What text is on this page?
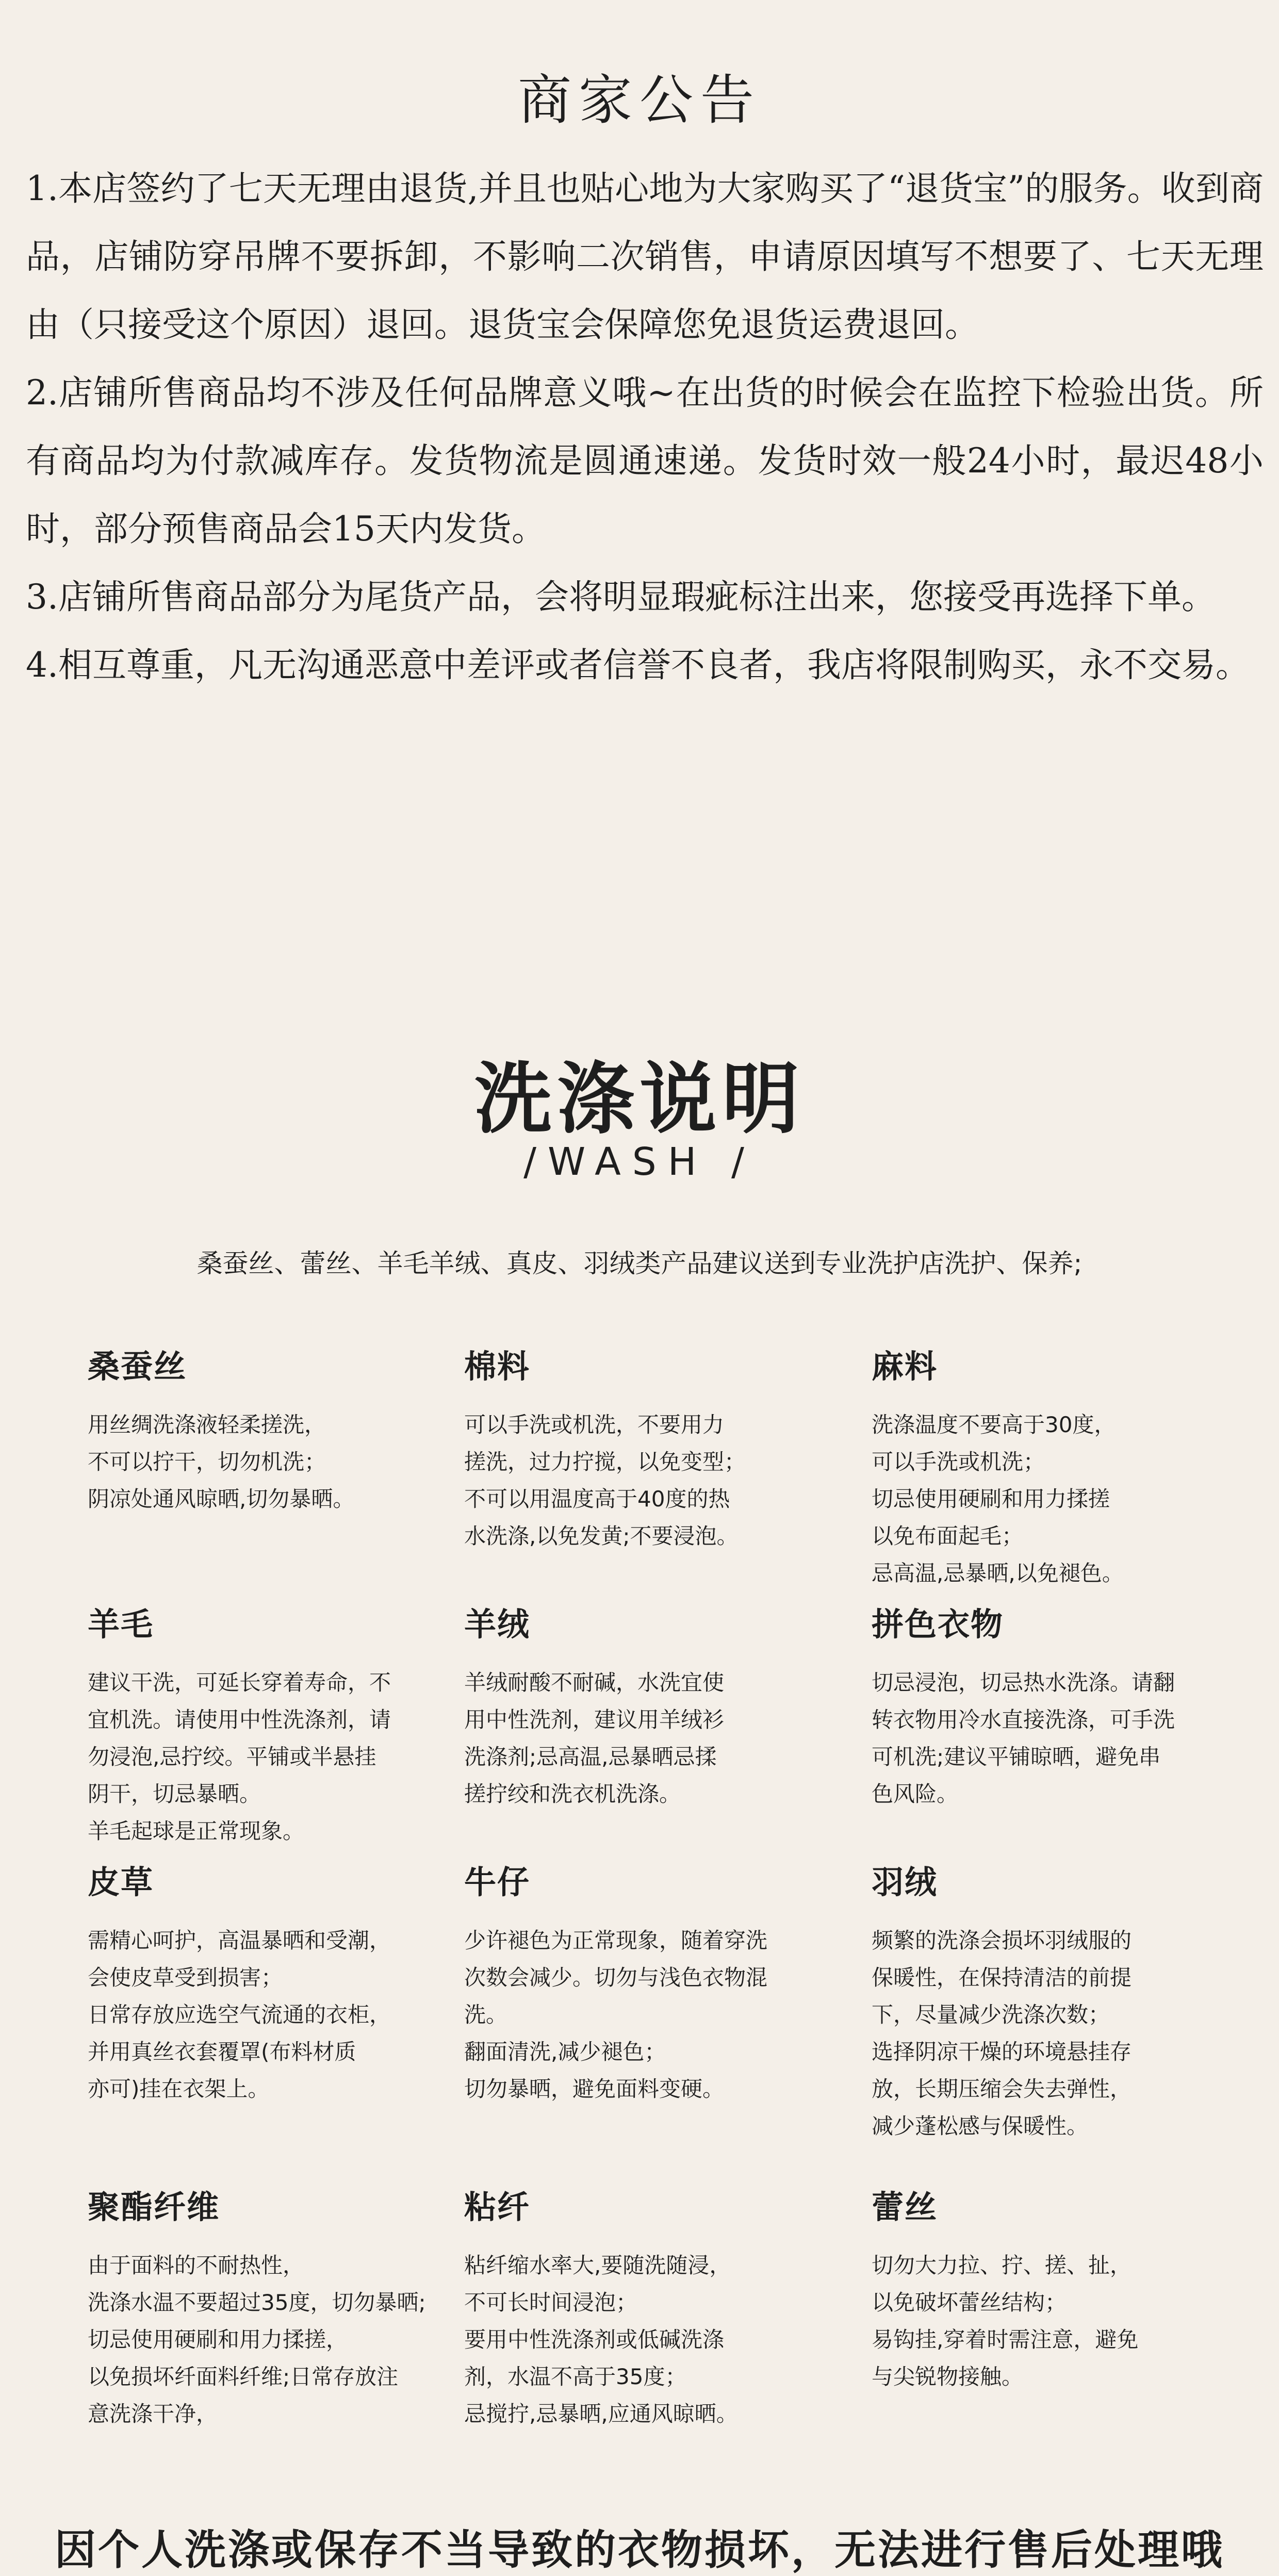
商家公告

1.本店签约了七天无理由退货,并且也贴心地为大家购买了“退货宝”的服务。收到商品，店铺防穿吊牌不要拆卸，不影响二次销售，申请原因填写不想要了、七天无理由（只接受这个原因）退回。退货宝会保障您免退货运费退回。

2.店铺所售商品均不涉及任何品牌意义哦~在出货的时候会在监控下检验出货。所有商品均为付款减库存。发货物流是圆通速递。发货时效一般24小时，最迟48小时，部分预售商品会15天内发货。

3.店铺所售商品部分为尾货产品，会将明显瑕疵标注出来，您接受再选择下单。

4.相互尊重，凡无沟通恶意中差评或者信誉不良者，我店将限制购买，永不交易。

洗涤说明
/WASH /
桑蚕丝、蕾丝、羊毛羊绒、真皮、羽绒类产品建议送到专业洗护店洗护、保养;
桑蚕丝
用丝绸洗涤液轻柔搓洗，
不可以拧干，切勿机洗；
阴凉处通风晾晒,切勿暴晒。
棉料
可以手洗或机洗，不要用力
搓洗，过力拧搅，以免变型；
不可以用温度高于40度的热
水洗涤,以免发黄;不要浸泡。
麻料
洗涤温度不要高于30度，
可以手洗或机洗；
切忌使用硬刷和用力揉搓
以免布面起毛；
忌高温,忌暴晒,以免褪色。
羊毛
建议干洗，可延长穿着寿命，不
宜机洗。请使用中性洗涤剂，请
勿浸泡,忌拧绞。平铺或半悬挂
阴干，切忌暴晒。
羊毛起球是正常现象。
羊绒
羊绒耐酸不耐碱，水洗宜使
用中性洗剂，建议用羊绒衫
洗涤剂;忌高温,忌暴晒忌揉
搓拧绞和洗衣机洗涤。
拼色衣物
切忌浸泡，切忌热水洗涤。请翻
转衣物用冷水直接洗涤，可手洗
可机洗;建议平铺晾晒，避免串
色风险。
皮草
需精心呵护，高温暴晒和受潮，
会使皮草受到损害；
日常存放应选空气流通的衣柜，
并用真丝衣套覆罩(布料材质
亦可)挂在衣架上。
牛仔
少许褪色为正常现象，随着穿洗
次数会减少。切勿与浅色衣物混
洗。
翻面清洗,减少褪色；
切勿暴晒，避免面料变硬。
羽绒
频繁的洗涤会损坏羽绒服的
保暖性，在保持清洁的前提
下，尽量减少洗涤次数；
选择阴凉干燥的环境悬挂存
放，长期压缩会失去弹性，
减少蓬松感与保暖性。
聚酯纤维
由于面料的不耐热性，
洗涤水温不要超过35度，切勿暴晒;
切忌使用硬刷和用力揉搓，
以免损坏纤面料纤维;日常存放注
意洗涤干净，
粘纤
粘纤缩水率大,要随洗随浸，
不可长时间浸泡；
要用中性洗涤剂或低碱洗涤
剂，水温不高于35度；
忌搅拧,忌暴晒,应通风晾晒。
蕾丝
切勿大力拉、拧、搓、扯，
以免破坏蕾丝结构；
易钩挂,穿着时需注意，避免
与尖锐物接触。
因个人洗涤或保存不当导致的衣物损坏，无法进行售后处理哦
